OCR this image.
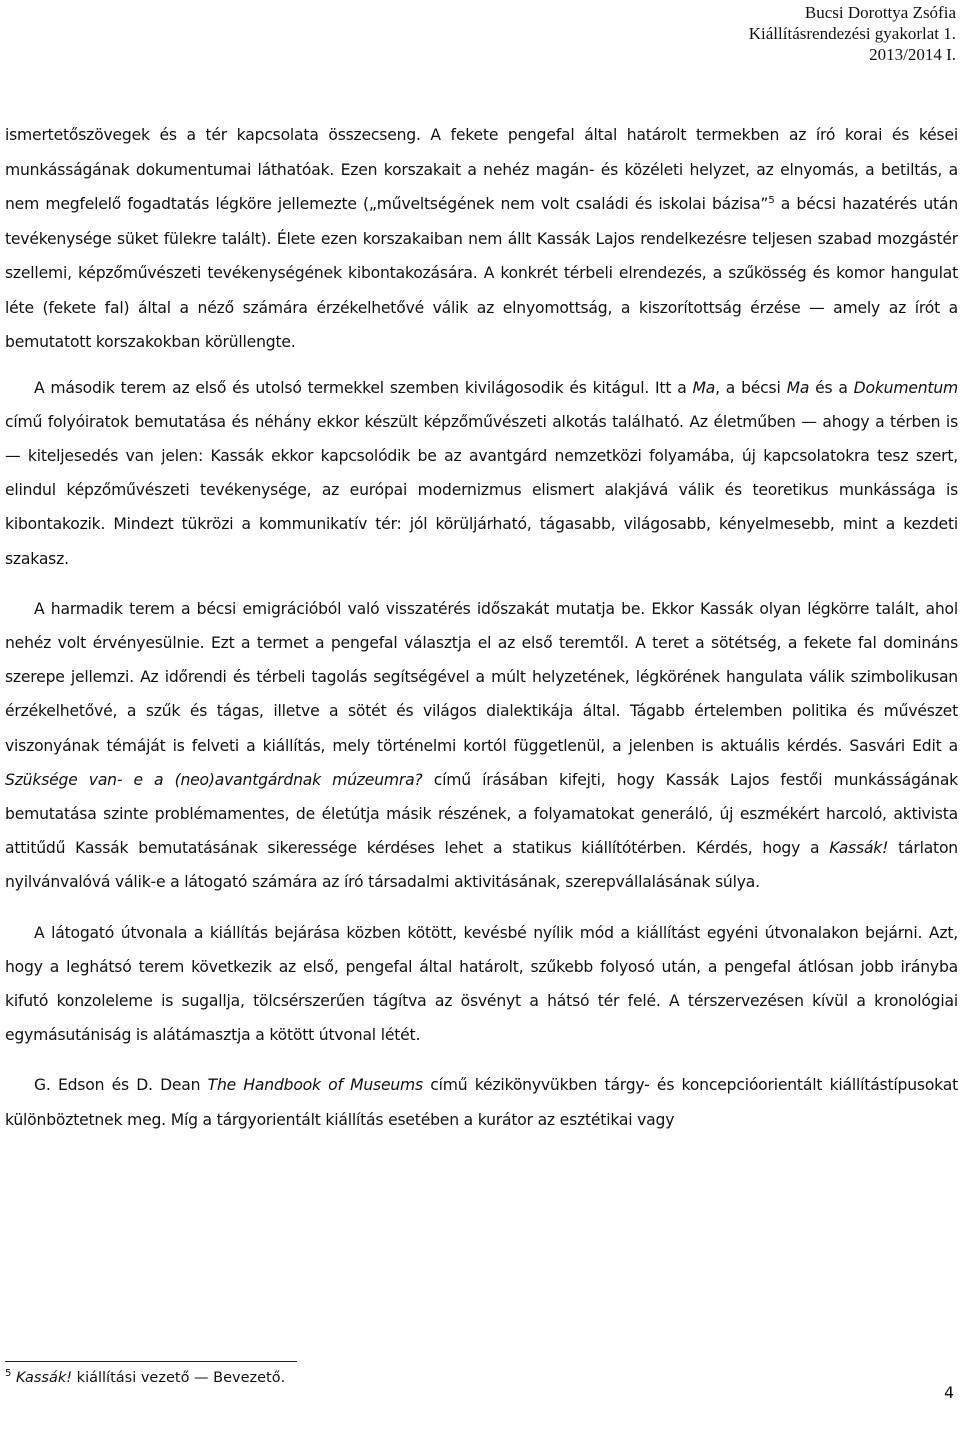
Bucsi Dorottya Zsófia
Kiállításrendezési gyakorlat 1.
2013/2014 I.

ismertetőszövegek és a tér kapcsolata összecseng. A fekete pengefal által határolt termekben az író korai és kései munkásságának dokumentumai láthatóak. Ezen korszakait a nehéz magán- és közéleti helyzet, az elnyomás, a betiltás, a nem megfelelő fogadtatás légköre jellemezte („műveltségének nem volt családi és iskolai bázisa”$^5$ a bécsi hazatérés után tevékenysége süket fülekre talált). Élete ezen korszakaiban nem állt Kassák Lajos rendelkezésre teljesen szabad mozgástér szellemi, képzőművészeti tevékenységének kibontakozására. A konkrét térbeli elrendezés, a szűkösség és komor hangulat léte (fekete fal) által a néző számára érzékelhetővé válik az elnyomottság, a kiszorítottság érzése — amely az írót a bemutatott korszakokban körüllengte.

A második terem az első és utolsó termekkel szemben kivilágosodik és kitágul. Itt a Ma, a bécsi Ma és a Dokumentum című folyóiratok bemutatása és néhány ekkor készült képzőművészeti alkotás található. Az életműben — ahogy a térben is — kiteljesedés van jelen: Kassák ekkor kapcsolódik be az avantgárd nemzetközi folyamába, új kapcsolatokra tesz szert, elindul képzőművészeti tevékenysége, az európai modernizmus elismert alakjává válik és teoretikus munkássága is kibontakozik. Mindezt tükrözi a kommunikatív tér: jól körüljárható, tágasabb, világosabb, kényelmesebb, mint a kezdeti szakasz.

A harmadik terem a bécsi emigrációból való visszatérés időszakát mutatja be. Ekkor Kassák olyan légkörre talált, ahol nehéz volt érvényesülnie. Ezt a termet a pengefal választja el az első teremtől. A teret a sötétség, a fekete fal domináns szerepe jellemzi. Az időrendi és térbeli tagolás segítségével a múlt helyzetének, légkörének hangulata válik szimbolikusan érzékelhetővé, a szűk és tágas, illetve a sötét és világos dialektikája által. Tágabb értelemben politika és művészet viszonyának témáját is felveti a kiállítás, mely történelmi kortól függetlenül, a jelenben is aktuális kérdés. Sasvári Edit a Szüksége van- e a (neo)avantgárdnak múzeumra? című írásában kifejti, hogy Kassák Lajos festői munkásságának bemutatása szinte problémamentes, de életútja másik részének, a folyamatokat generáló, új eszmékért harcoló, aktivista attitűdű Kassák bemutatásának sikeressége kérdéses lehet a statikus kiállítótérben. Kérdés, hogy a Kassák! tárlaton nyilvánvalóvá válik-e a látogató számára az író társadalmi aktivitásának, szerepvállalásának súlya.

A látogató útvonala a kiállítás bejárása közben kötött, kevésbé nyílik mód a kiállítást egyéni útvonalakon bejárni. Azt, hogy a leghátsó terem következik az első, pengefal által határolt, szűkebb folyosó után, a pengefal átlósan jobb irányba kifutó konzoleleme is sugallja, tölcsérszerűen tágítva az ösvényt a hátsó tér felé. A térszervezésen kívül a kronológiai egymásutániság is alátámasztja a kötött útvonal létét.

G. Edson és D. Dean The Handbook of Museums című kézikönyvükben tárgy- és koncepcióorientált kiállítástípusokat különböztetnek meg. Míg a tárgyorientált kiállítás esetében a kurátor az esztétikai vagy

$^5$ Kassák! kiállítási vezető — Bevezető.
4
